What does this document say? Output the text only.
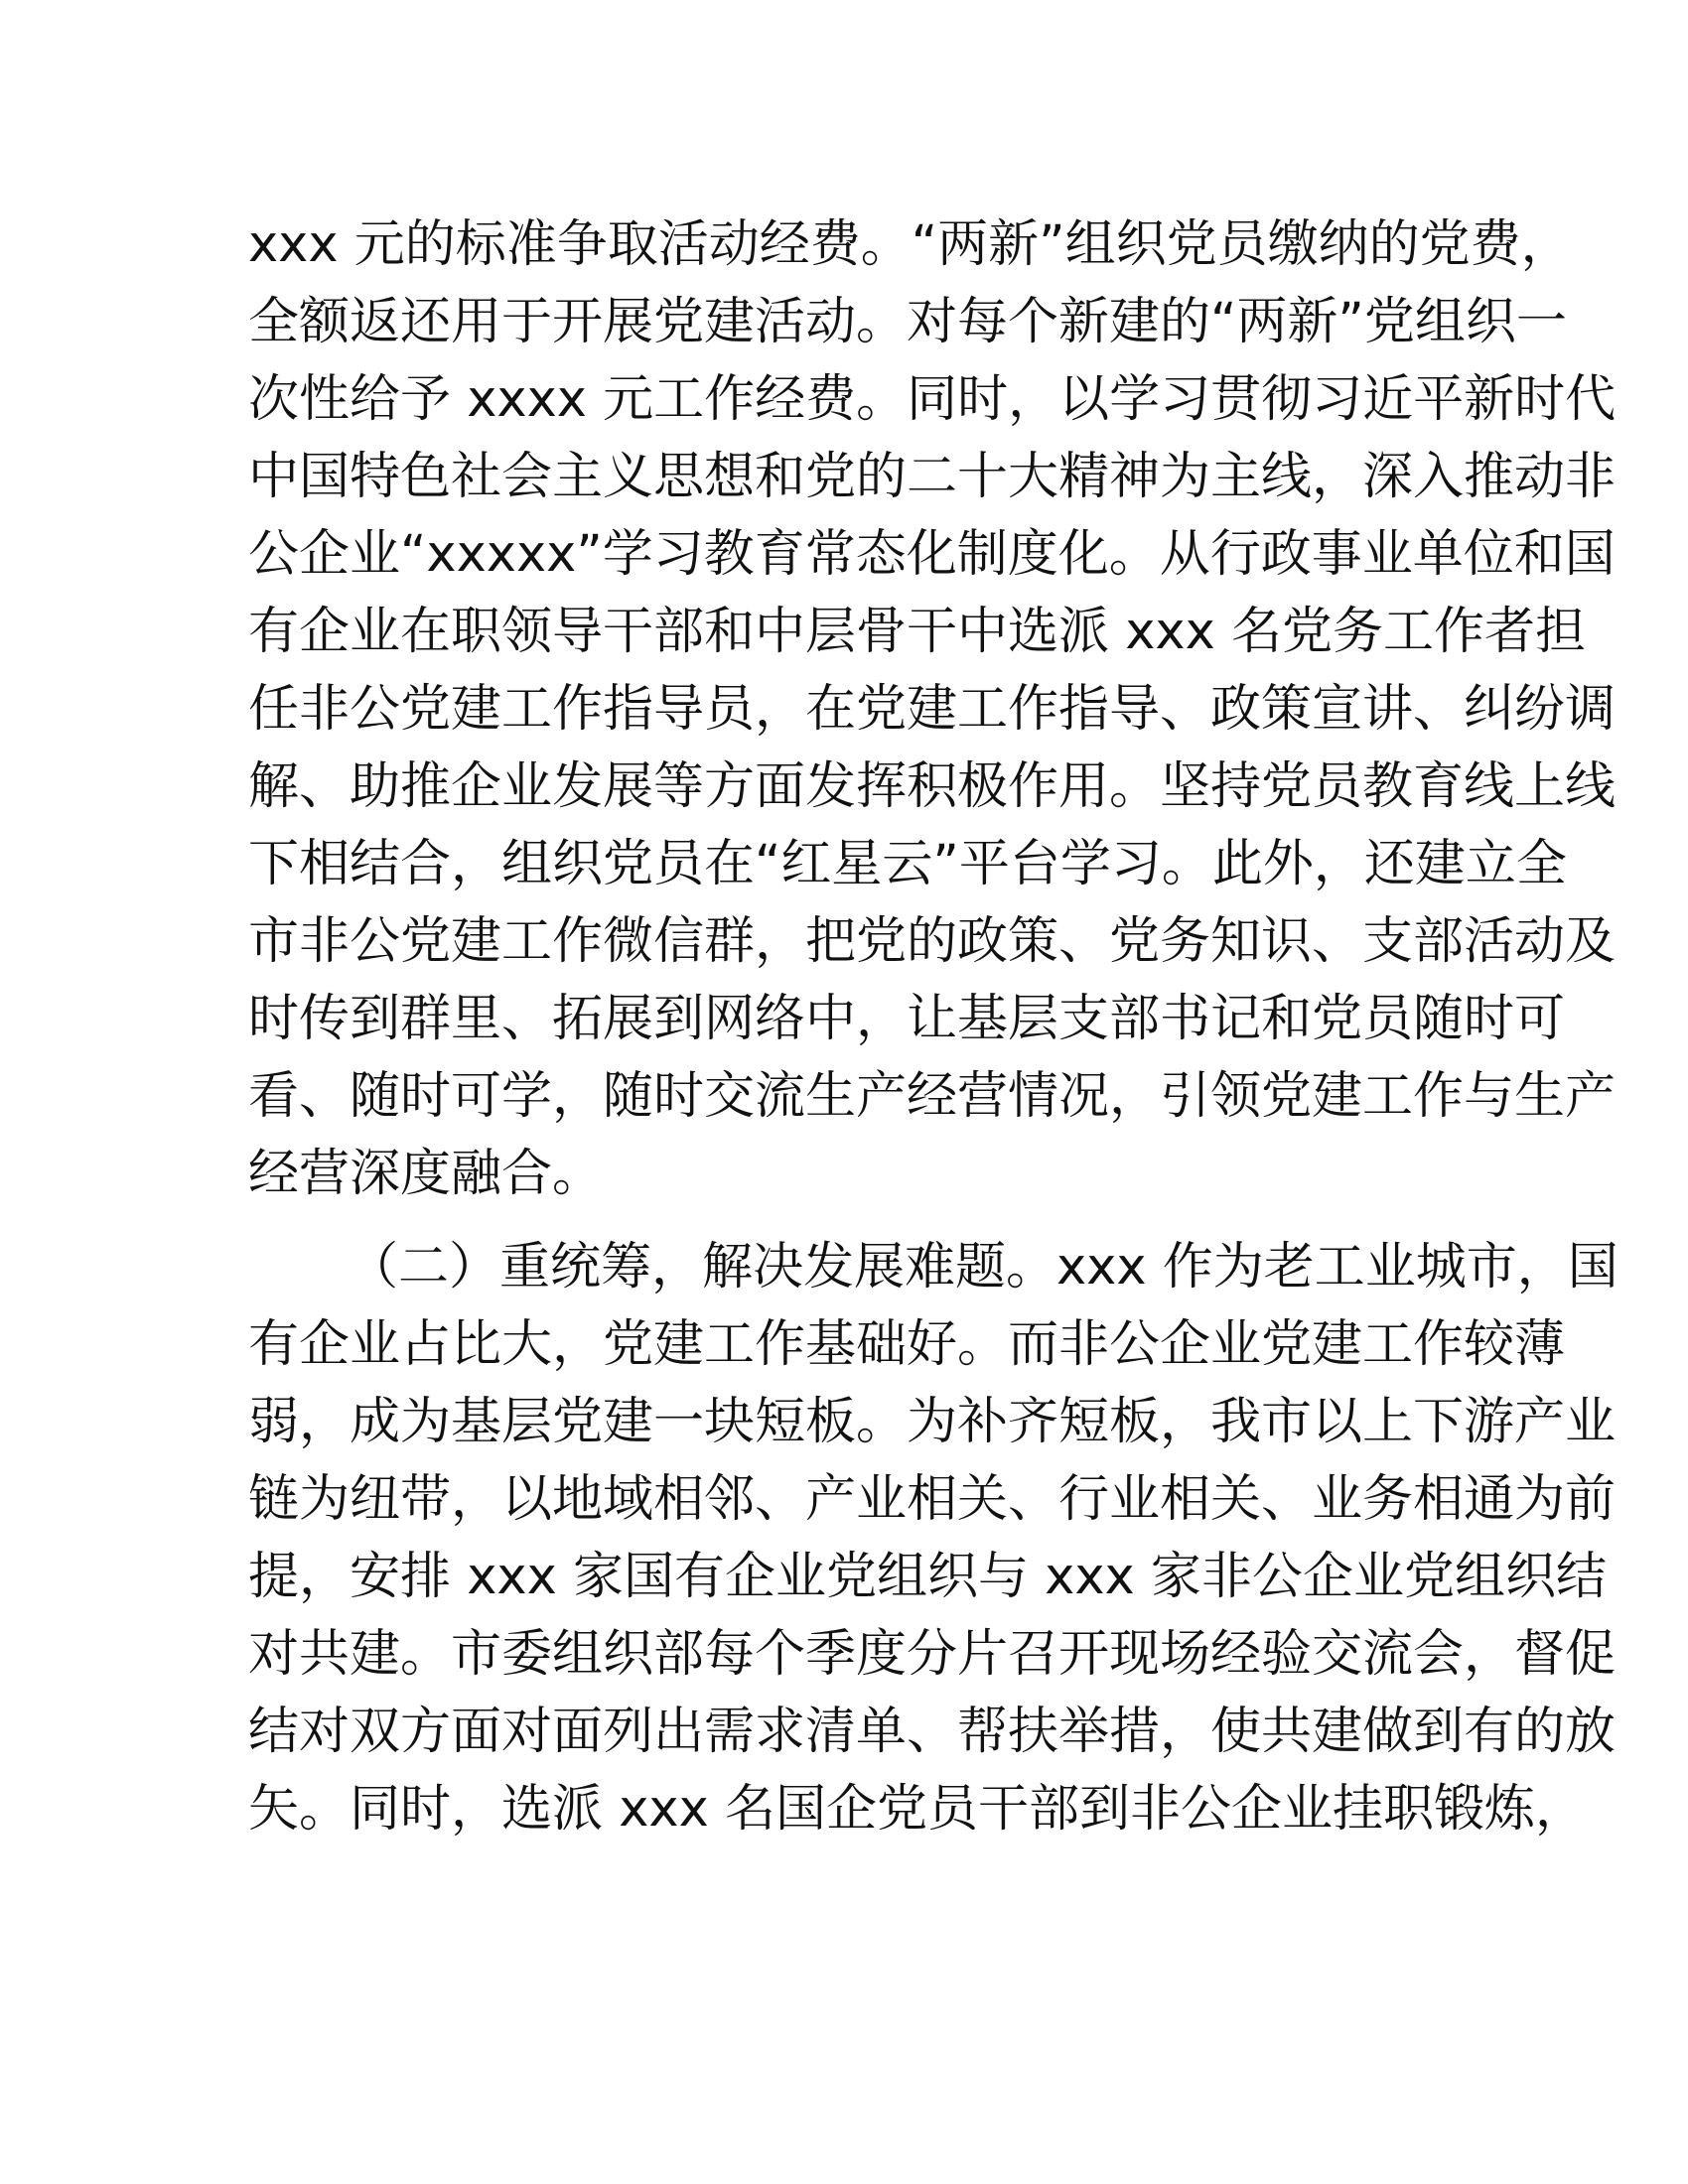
xxx 元的标准争取活动经费。“两新”组织党员缴纳的党费，
全额返还用于开展党建活动。对每个新建的“两新”党组织一
次性给予 xxxx 元工作经费。同时，以学习贯彻习近平新时代
中国特色社会主义思想和党的二十大精神为主线，深入推动非
公企业“xxxxx”学习教育常态化制度化。从行政事业单位和国
有企业在职领导干部和中层骨干中选派 xxx 名党务工作者担
任非公党建工作指导员，在党建工作指导、政策宣讲、纠纷调
解、助推企业发展等方面发挥积极作用。坚持党员教育线上线
下相结合，组织党员在“红星云”平台学习。此外，还建立全
市非公党建工作微信群，把党的政策、党务知识、支部活动及
时传到群里、拓展到网络中，让基层支部书记和党员随时可
看、随时可学，随时交流生产经营情况，引领党建工作与生产
经营深度融合。
（二）重统筹，解决发展难题。xxx 作为老工业城市，国
有企业占比大，党建工作基础好。而非公企业党建工作较薄
弱，成为基层党建一块短板。为补齐短板，我市以上下游产业
链为纽带，以地域相邻、产业相关、行业相关、业务相通为前
提，安排 xxx 家国有企业党组织与 xxx 家非公企业党组织结
对共建。市委组织部每个季度分片召开现场经验交流会，督促
结对双方面对面列出需求清单、帮扶举措，使共建做到有的放
矢。同时，选派 xxx 名国企党员干部到非公企业挂职锻炼，
